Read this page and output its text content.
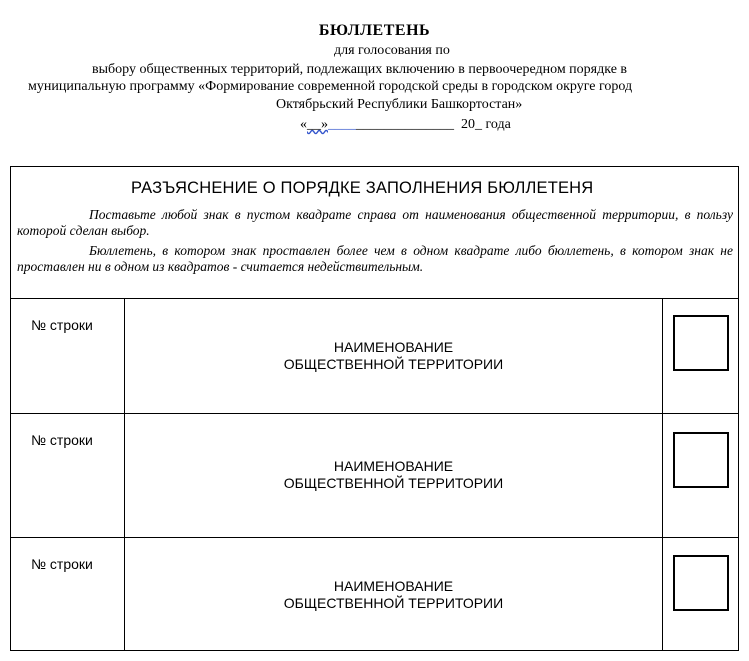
БЮЛЛЕТЕНЬ
для голосования по
выбору общественных территорий, подлежащих включению в первоочередном порядке в
муниципальную программу «Формирование современной городской среды в городском округе город
Октябрьский Республики Башкортостан»
«__»__________________ 20_ года
РАЗЪЯСНЕНИЕ О ПОРЯДКЕ ЗАПОЛНЕНИЯ БЮЛЛЕТЕНЯ
Поставьте любой знак в пустом квадрате справа от наименования общественной территории, в пользу которой сделан выбор.
Бюллетень, в котором знак проставлен более чем в одном квадрате либо бюллетень, в котором знак не проставлен ни в одном из квадратов - считается недействительным.
№ строки
НАИМЕНОВАНИЕ
ОБЩЕСТВЕННОЙ ТЕРРИТОРИИ
№ строки
НАИМЕНОВАНИЕ
ОБЩЕСТВЕННОЙ ТЕРРИТОРИИ
№ строки
НАИМЕНОВАНИЕ
ОБЩЕСТВЕННОЙ ТЕРРИТОРИИ
